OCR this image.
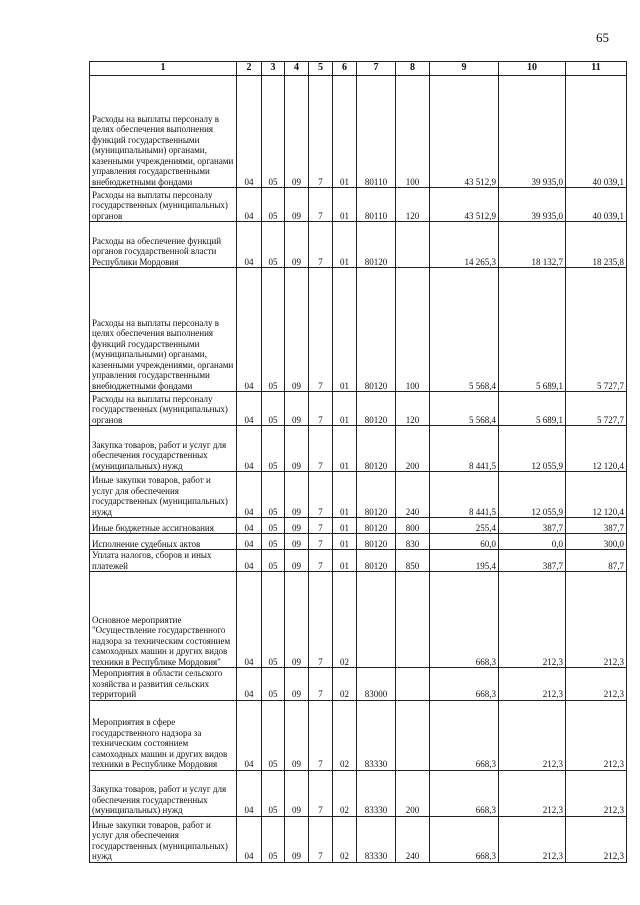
65
1	2	3	4	5	6	7	8	9	10	11
Расходы на выплаты персоналу в целях обеспечения выполнения функций государственными (муниципальными) органами, казенными учреждениями, органами управления государственными внебюджетными фондами	04	05	09	7	01	80110	100	43 512,9	39 935,0	40 039,1
Расходы на выплаты персоналу государственных (муниципальных) органов	04	05	09	7	01	80110	120	43 512,9	39 935,0	40 039,1
Расходы на обеспечение функций органов государственной власти Республики Мордовия	04	05	09	7	01	80120		14 265,3	18 132,7	18 235,8
Расходы на выплаты персоналу в целях обеспечения выполнения функций государственными (муниципальными) органами, казенными учреждениями, органами управления государственными внебюджетными фондами	04	05	09	7	01	80120	100	5 568,4	5 689,1	5 727,7
Расходы на выплаты персоналу государственных (муниципальных) органов	04	05	09	7	01	80120	120	5 568,4	5 689,1	5 727,7
Закупка товаров, работ и услуг для обеспечения государственных (муниципальных) нужд	04	05	09	7	01	80120	200	8 441,5	12 055,9	12 120,4
Иные закупки товаров, работ и услуг для обеспечения государственных (муниципальных) нужд	04	05	09	7	01	80120	240	8 441,5	12 055,9	12 120,4
Иные бюджетные ассигнования	04	05	09	7	01	80120	800	255,4	387,7	387,7
Исполнение судебных актов	04	05	09	7	01	80120	830	60,0	0,0	300,0
Уплата налогов, сборов и иных платежей	04	05	09	7	01	80120	850	195,4	387,7	87,7
Основное мероприятие "Осуществление государственного надзора за техническим состоянием самоходных машин и других видов техники в Республике Мордовия"	04	05	09	7	02			668,3	212,3	212,3
Мероприятия в области сельского хозяйства и развития сельских территорий	04	05	09	7	02	83000		668,3	212,3	212,3
Мероприятия в сфере государственного надзора за техническим состоянием самоходных машин и других видов техники в Республике Мордовия	04	05	09	7	02	83330		668,3	212,3	212,3
Закупка товаров, работ и услуг для обеспечения государственных (муниципальных) нужд	04	05	09	7	02	83330	200	668,3	212,3	212,3
Иные закупки товаров, работ и услуг для обеспечения государственных (муниципальных) нужд	04	05	09	7	02	83330	240	668,3	212,3	212,3
